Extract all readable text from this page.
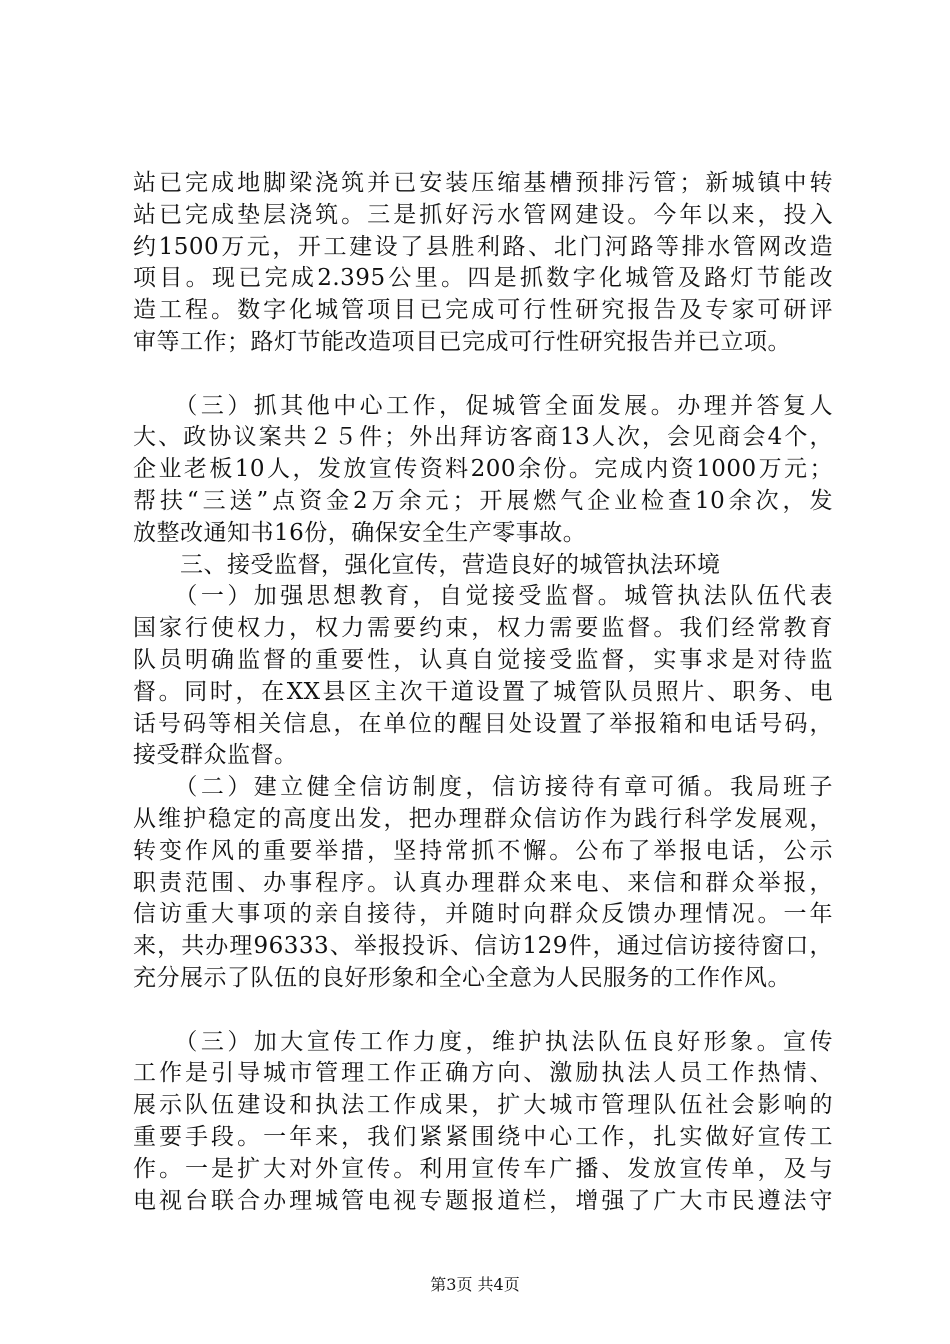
站已完成地脚梁浇筑并已安装压缩基槽预排污管；新城镇中转
站已完成垫层浇筑。三是抓好污水管网建设。今年以来，投入
约1500万元，开工建设了县胜利路、北门河路等排水管网改造
项目。现已完成2.395公里。四是抓数字化城管及路灯节能改
造工程。数字化城管项目已完成可行性研究报告及专家可研评
审等工作；路灯节能改造项目已完成可行性研究报告并已立项。
　　（三）抓其他中心工作，促城管全面发展。办理并答复人
大、政协议案共２５件；外出拜访客商13人次，会见商会4个，
企业老板10人，发放宣传资料200余份。完成内资1000万元；
帮扶“三送”点资金2万余元；开展燃气企业检查10余次，发
放整改通知书16份，确保安全生产零事故。
　　三、接受监督，强化宣传，营造良好的城管执法环境
　　（一）加强思想教育，自觉接受监督。城管执法队伍代表
国家行使权力，权力需要约束，权力需要监督。我们经常教育
队员明确监督的重要性，认真自觉接受监督，实事求是对待监
督。同时，在XX县区主次干道设置了城管队员照片、职务、电
话号码等相关信息，在单位的醒目处设置了举报箱和电话号码，
接受群众监督。
　　（二）建立健全信访制度，信访接待有章可循。我局班子
从维护稳定的高度出发，把办理群众信访作为践行科学发展观，
转变作风的重要举措，坚持常抓不懈。公布了举报电话，公示
职责范围、办事程序。认真办理群众来电、来信和群众举报，
信访重大事项的亲自接待，并随时向群众反馈办理情况。一年
来，共办理96333、举报投诉、信访129件，通过信访接待窗口，
充分展示了队伍的良好形象和全心全意为人民服务的工作作风。
　　（三）加大宣传工作力度，维护执法队伍良好形象。宣传
工作是引导城市管理工作正确方向、激励执法人员工作热情、
展示队伍建设和执法工作成果，扩大城市管理队伍社会影响的
重要手段。一年来，我们紧紧围绕中心工作，扎实做好宣传工
作。一是扩大对外宣传。利用宣传车广播、发放宣传单，及与
电视台联合办理城管电视专题报道栏，增强了广大市民遵法守
第3页 共4页
